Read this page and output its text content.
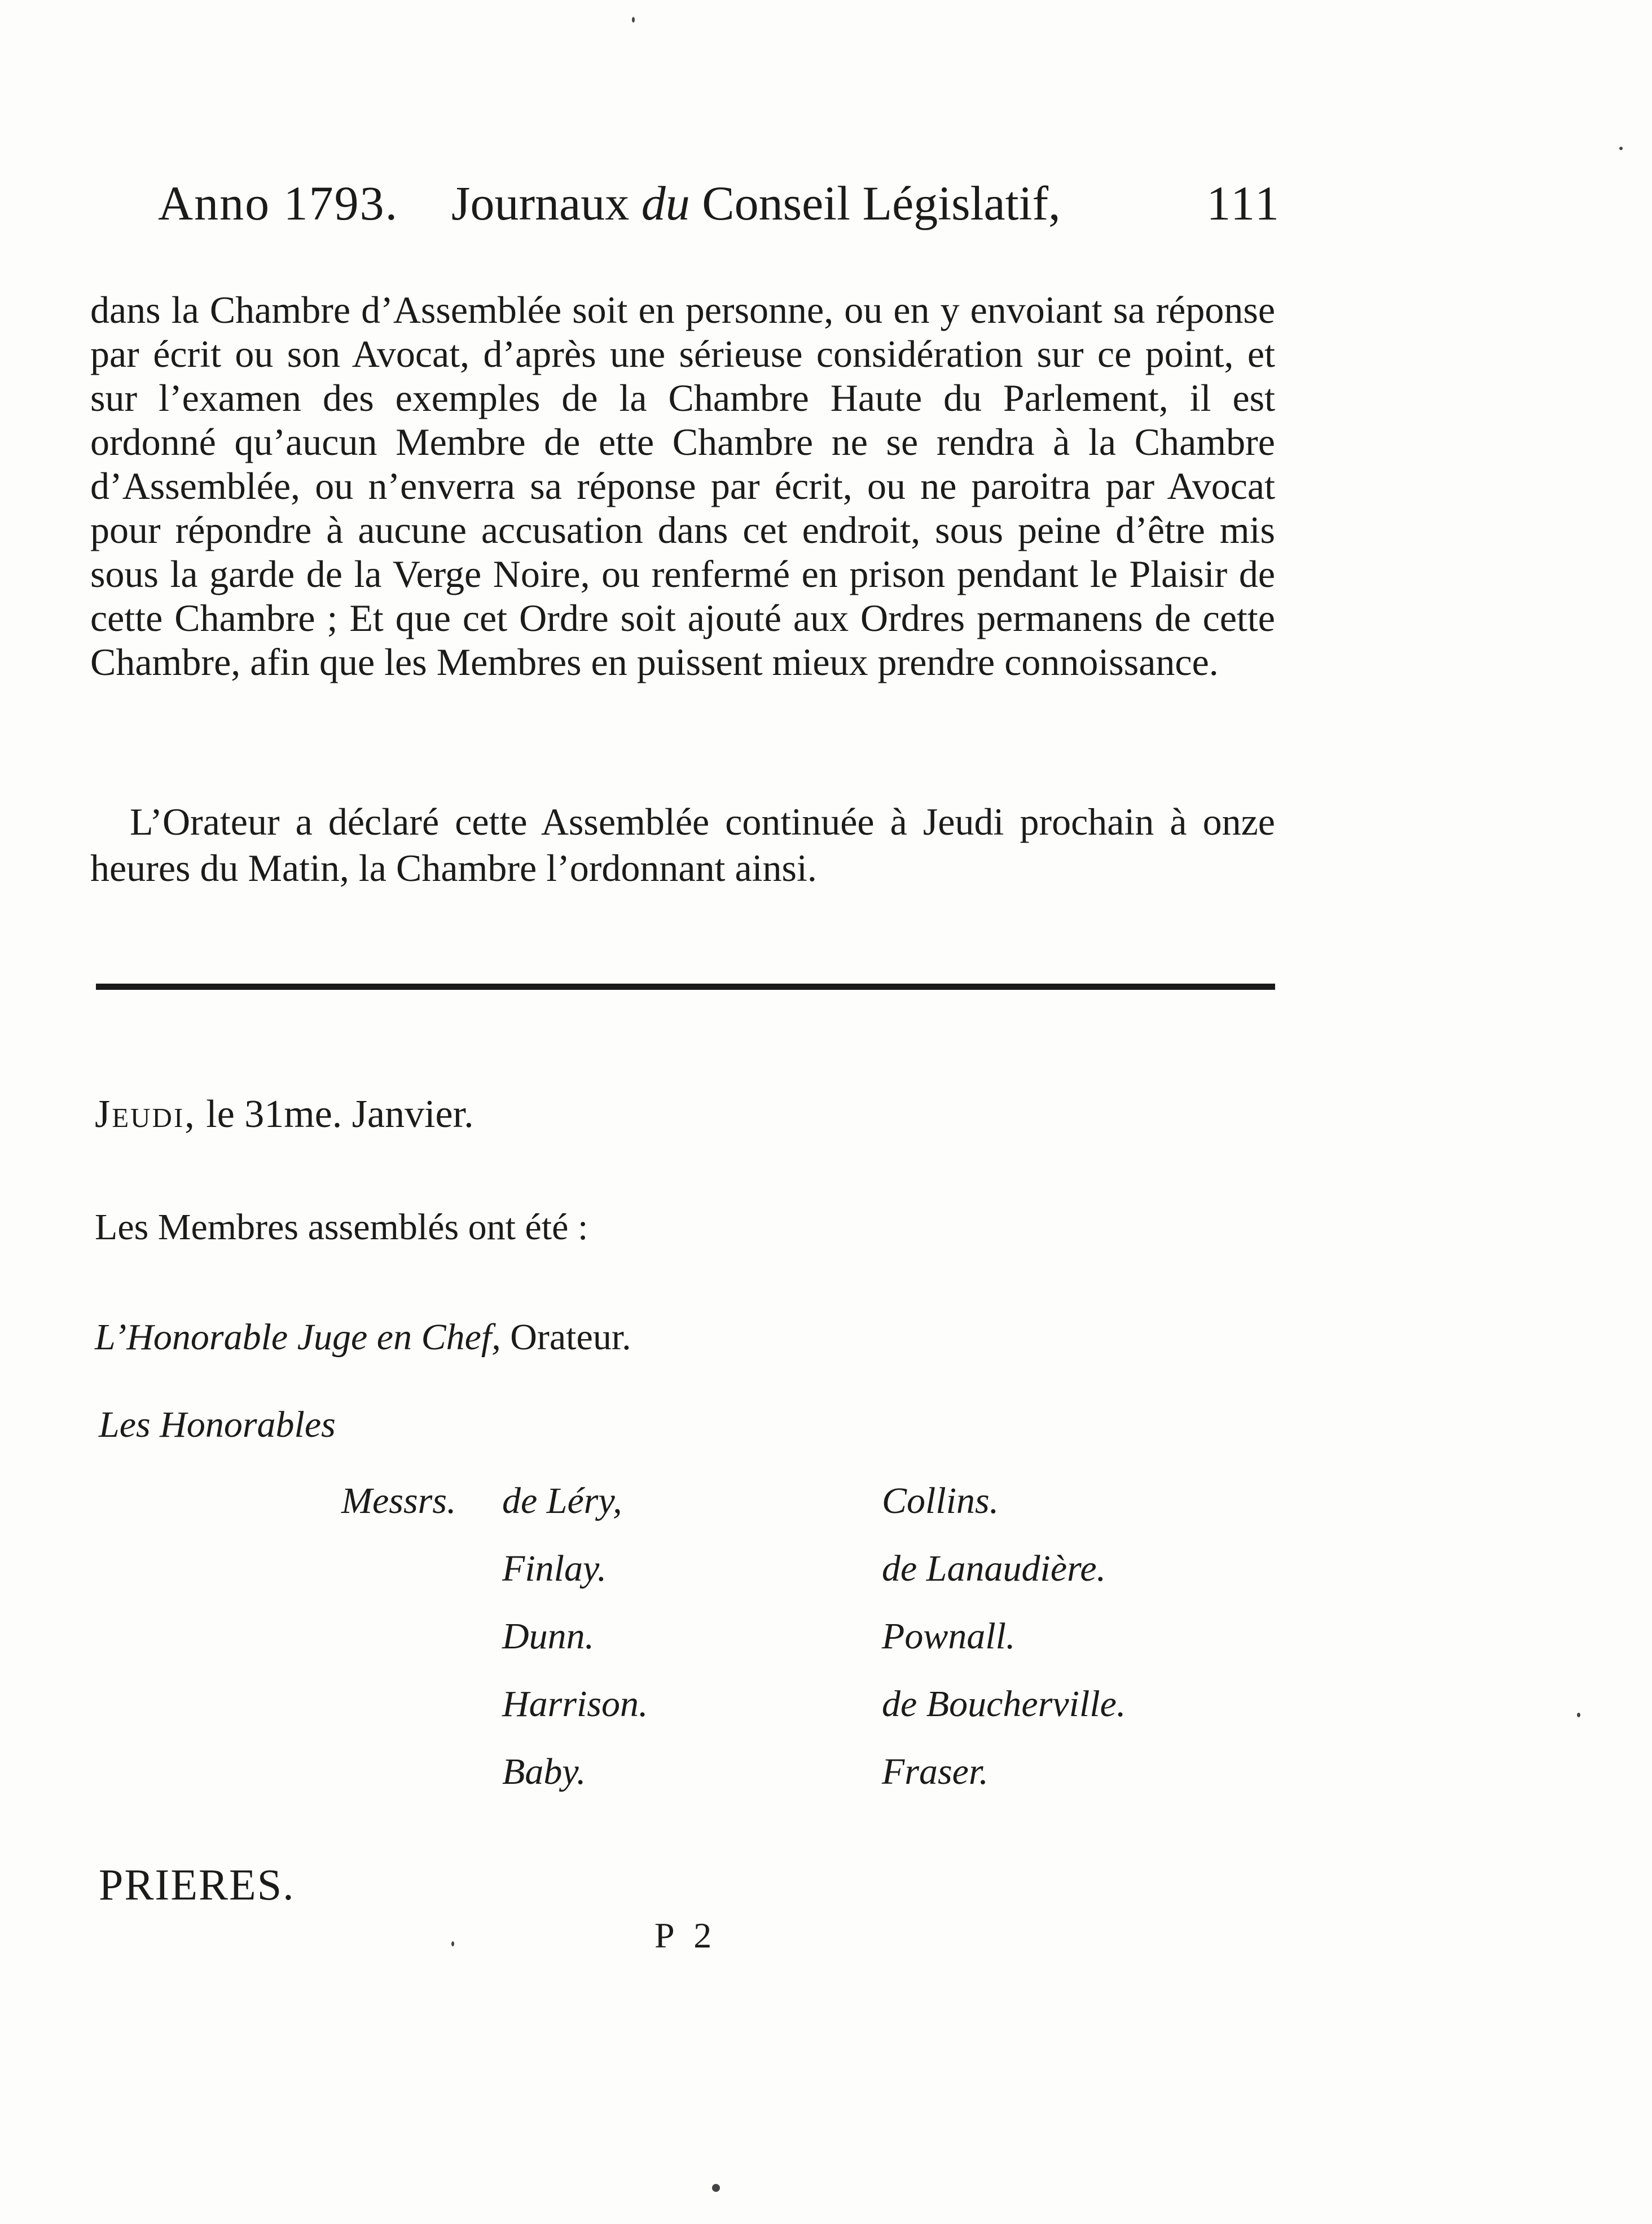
Anno 1793. Journaux du Conseil Législatif,	111

dans la Chambre d’Assemblée soit en personne, ou en y envoiant sa réponse par écrit ou son Avocat, d’après une sérieuse considération sur ce point, et sur l’examen des exemples de la Chambre Haute du Parlement, il est ordonné qu’aucun Membre de ette Chambre ne se rendra à la Chambre d’Assemblée, ou n’enverra sa réponse par écrit, ou ne paroitra par Avocat pour répondre à aucune accusation dans cet endroit, sous peine d’être mis sous la garde de la Verge Noire, ou renfermé en prison pendant le Plaisir de cette Chambre ; Et que cet Ordre soit ajouté aux Ordres permanens de cette Chambre, afin que les Membres en puissent mieux prendre connoissance.

L’Orateur a déclaré cette Assemblée continuée à Jeudi prochain à onze heures du Matin, la Chambre l’ordonnant ainsi.

Jeudi, le 31me. Janvier.
Les Membres assemblés ont été :
L’Honorable Juge en Chef, Orateur.
Les Honorables
Messrs. de Léry,
Finlay.
Dunn.
Harrison.
Baby.
Collins.
de Lanaudière.
Pownall.
de Boucherville.
Fraser.
PRIERES.
P 2
